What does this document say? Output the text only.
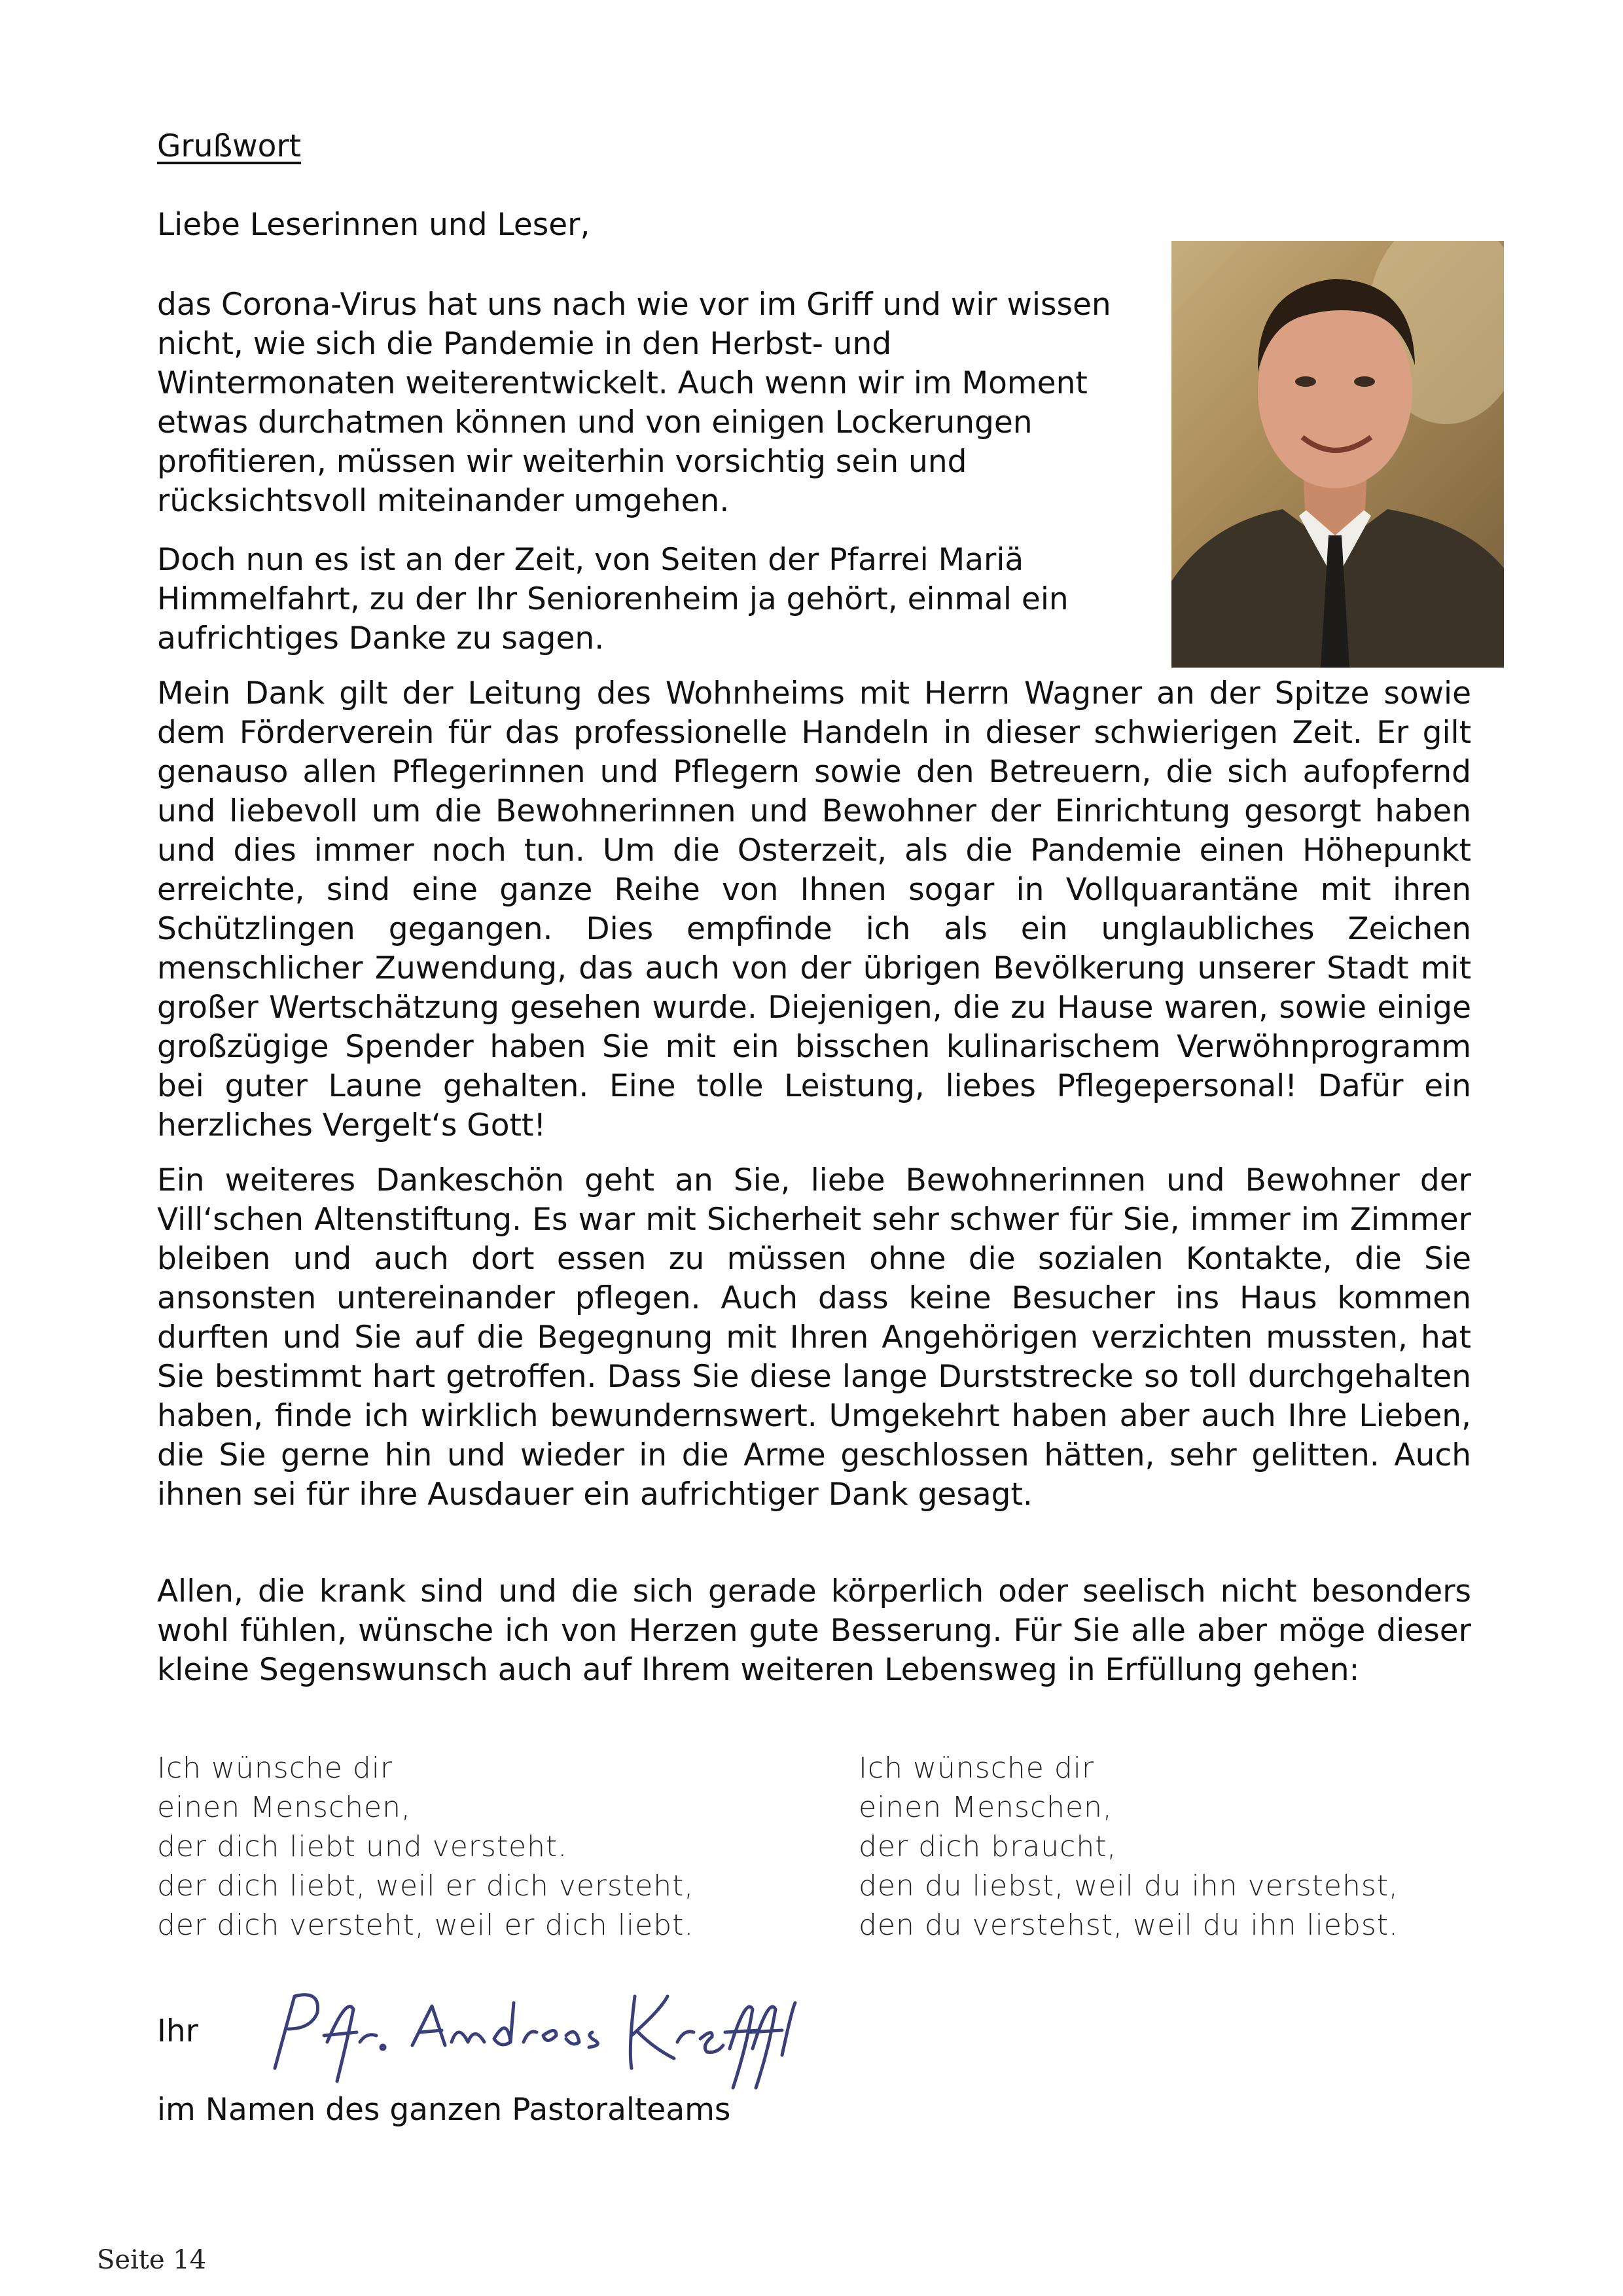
Grußwort

Liebe Leserinnen und Leser,

das Corona-Virus hat uns nach wie vor im Griff und wir wissen nicht, wie sich die Pandemie in den Herbst- und Wintermonaten weiterentwickelt. Auch wenn wir im Moment etwas durchatmen können und von einigen Lockerungen profitieren, müssen wir weiterhin vorsichtig sein und rücksichtsvoll miteinander umgehen.

Doch nun es ist an der Zeit, von Seiten der Pfarrei Mariä Himmelfahrt, zu der Ihr Seniorenheim ja gehört, einmal ein aufrichtiges Danke zu sagen.

Mein Dank gilt der Leitung des Wohnheims mit Herrn Wagner an der Spitze sowie dem Förderverein für das professionelle Handeln in dieser schwierigen Zeit. Er gilt genauso allen Pflegerinnen und Pflegern sowie den Betreuern, die sich aufopfernd und liebevoll um die Bewohnerinnen und Bewohner der Einrichtung gesorgt haben und dies immer noch tun. Um die Osterzeit, als die Pandemie einen Höhepunkt erreichte, sind eine ganze Reihe von Ihnen sogar in Vollquarantäne mit ihren Schützlingen gegangen. Dies empfinde ich als ein unglaubliches Zeichen menschlicher Zuwendung, das auch von der übrigen Bevölkerung unserer Stadt mit großer Wertschätzung gesehen wurde. Diejenigen, die zu Hause waren, sowie einige großzügige Spender haben Sie mit ein bisschen kulinarischem Verwöhnprogramm bei guter Laune gehalten. Eine tolle Leistung, liebes Pflegepersonal! Dafür ein herzliches Vergelt‘s Gott!

Ein weiteres Dankeschön geht an Sie, liebe Bewohnerinnen und Bewohner der Vill‘schen Altenstiftung. Es war mit Sicherheit sehr schwer für Sie, immer im Zimmer bleiben und auch dort essen zu müssen ohne die sozialen Kontakte, die Sie ansonsten untereinander pflegen. Auch dass keine Besucher ins Haus kommen durften und Sie auf die Begegnung mit Ihren Angehörigen verzichten mussten, hat Sie bestimmt hart getroffen. Dass Sie diese lange Durststrecke so toll durchgehalten haben, finde ich wirklich bewundernswert. Umgekehrt haben aber auch Ihre Lieben, die Sie gerne hin und wieder in die Arme geschlossen hätten, sehr gelitten. Auch ihnen sei für ihre Ausdauer ein aufrichtiger Dank gesagt.

Allen, die krank sind und die sich gerade körperlich oder seelisch nicht besonders wohl fühlen, wünsche ich von Herzen gute Besserung. Für Sie alle aber möge dieser kleine Segenswunsch auch auf Ihrem weiteren Lebensweg in Erfüllung gehen:

Ich wünsche dir
einen Menschen,
der dich liebt und versteht.
der dich liebt, weil er dich versteht,
der dich versteht, weil er dich liebt.
Ich wünsche dir
einen Menschen,
der dich braucht,
den du liebst, weil du ihn verstehst,
den du verstehst, weil du ihn liebst.

Ihr

im Namen des ganzen Pastoralteams

Seite 14
